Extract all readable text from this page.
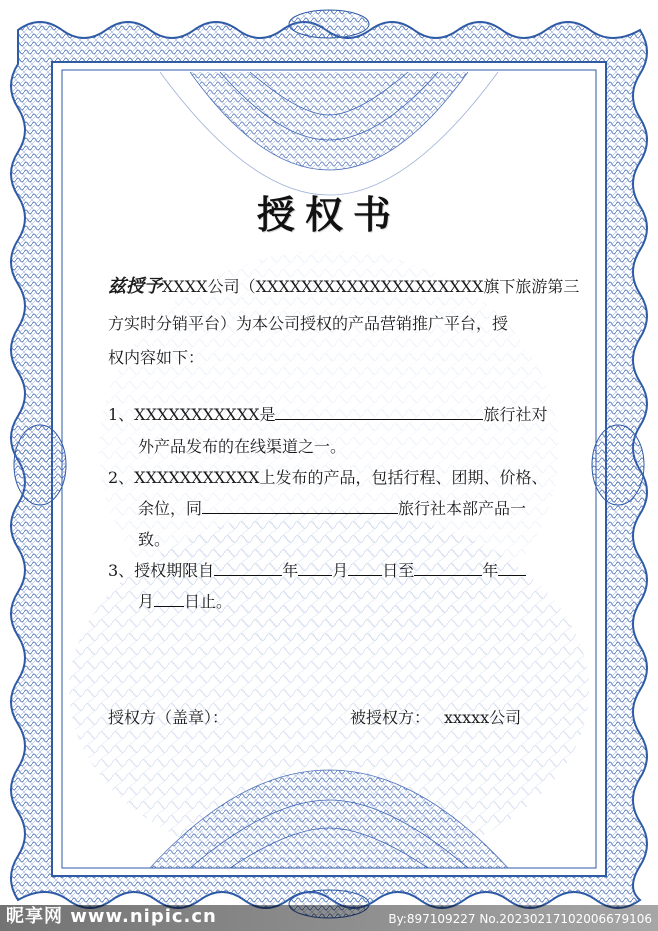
授权书
兹授予XXXX公司（XXXXXXXXXXXXXXXXXXXX旗下旅游第三
方实时分销平台）为本公司授权的产品营销推广平台，授
权内容如下：
1、XXXXXXXXXXX是	旅行社对
外产品发布的在线渠道之一。
2、XXXXXXXXXXX上发布的产品，包括行程、团期、价格、
余位，同	旅行社本部产品一
致。
3、授权期限自	年 月 日至	年
月 日止。
授权方（盖章）：	被授权方： xxxxx公司
昵享网 www.nipic.cn	By:897109227 No.20230217102006679106
